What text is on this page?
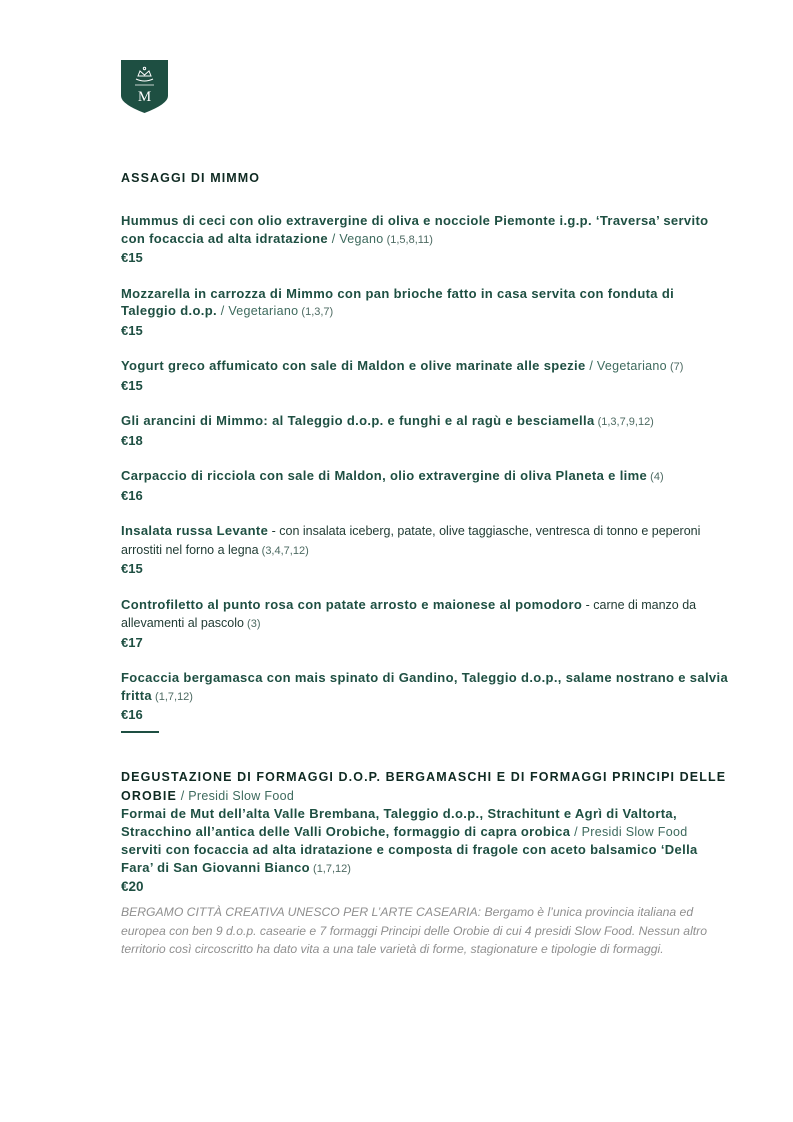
M
ASSAGGI DI MIMMO
Hummus di ceci con olio extravergine di oliva e nocciole Piemonte i.g.p. ‘Traversa’ servito con focaccia ad alta idratazione / Vegano (1,5,8,11)
€15
Mozzarella in carrozza di Mimmo con pan brioche fatto in casa servita con fonduta di Taleggio d.o.p. / Vegetariano (1,3,7)
€15
Yogurt greco affumicato con sale di Maldon e olive marinate alle spezie / Vegetariano (7)
€15
Gli arancini di Mimmo: al Taleggio d.o.p. e funghi e al ragù e besciamella (1,3,7,9,12)
€18
Carpaccio di ricciola con sale di Maldon, olio extravergine di oliva Planeta e lime (4)
€16
Insalata russa Levante - con insalata iceberg, patate, olive taggiasche, ventresca di tonno e peperoni arrostiti nel forno a legna (3,4,7,12)
€15
Controfiletto al punto rosa con patate arrosto e maionese al pomodoro - carne di manzo da allevamenti al pascolo (3)
€17
Focaccia bergamasca con mais spinato di Gandino, Taleggio d.o.p., salame nostrano e salvia fritta (1,7,12)
€16
DEGUSTAZIONE DI FORMAGGI D.O.P. BERGAMASCHI E DI FORMAGGI PRINCIPI DELLE OROBIE / Presidi Slow Food
Formai de Mut dell’alta Valle Brembana, Taleggio d.o.p., Strachitunt e Agrì di Valtorta, Stracchino all’antica delle Valli Orobiche, formaggio di capra orobica / Presidi Slow Food serviti con focaccia ad alta idratazione e composta di fragole con aceto balsamico ‘Della Fara’ di San Giovanni Bianco (1,7,12)
€20

BERGAMO CITTÀ CREATIVA UNESCO PER L’ARTE CASEARIA: Bergamo è l’unica provincia italiana ed europea con ben 9 d.o.p. casearie e 7 formaggi Principi delle Orobie di cui 4 presidi Slow Food. Nessun altro territorio così circoscritto ha dato vita a una tale varietà di forme, stagionature e tipologie di formaggi.
